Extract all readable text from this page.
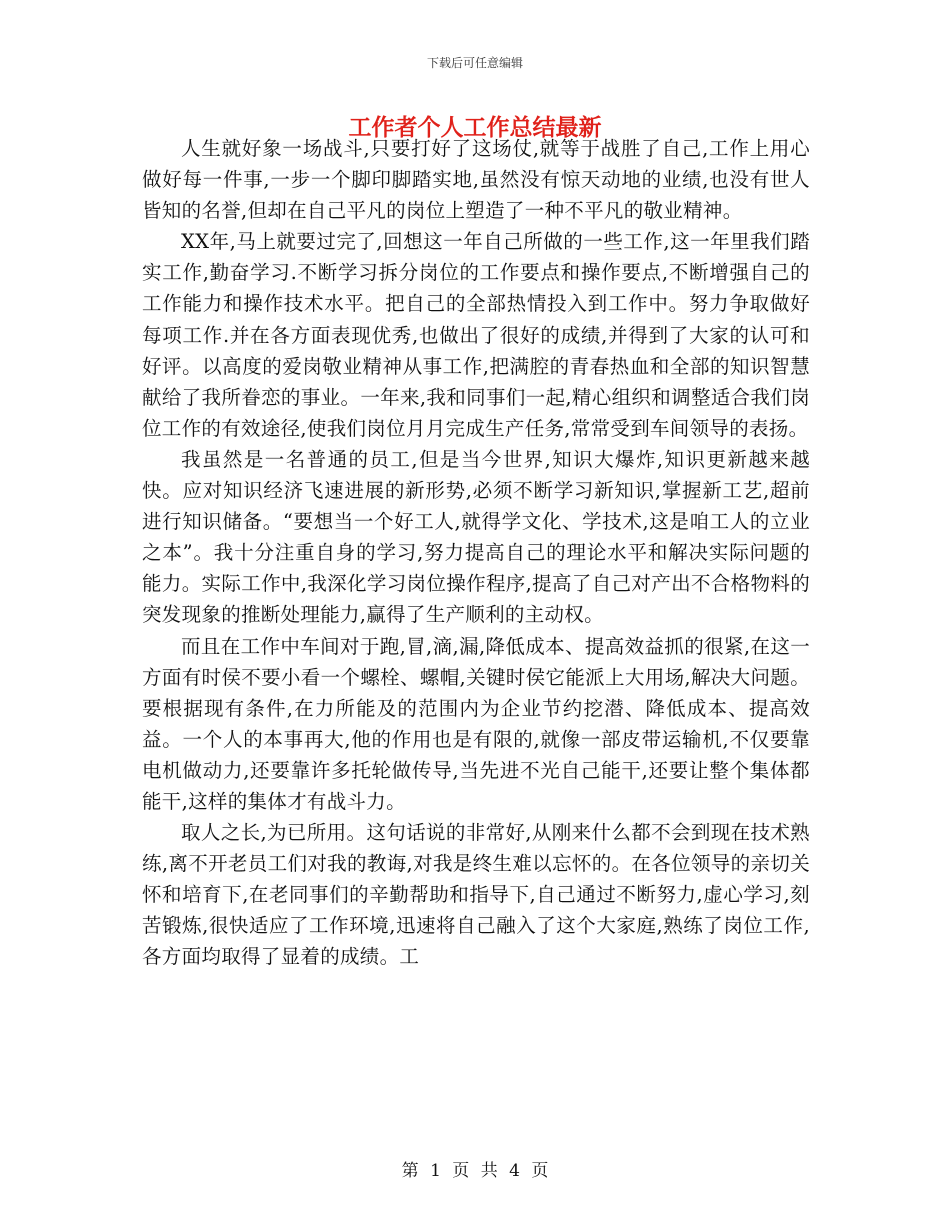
下载后可任意编辑
工作者个人工作总结最新

人生就好象一场战斗,只要打好了这场仗,就等于战胜了自己,工作上用心做好每一件事,一步一个脚印脚踏实地,虽然没有惊天动地的业绩,也没有世人皆知的名誉,但却在自己平凡的岗位上塑造了一种不平凡的敬业精神。

XX年,马上就要过完了,回想这一年自己所做的一些工作,这一年里我们踏实工作,勤奋学习.不断学习拆分岗位的工作要点和操作要点,不断增强自己的工作能力和操作技术水平。把自己的全部热情投入到工作中。努力争取做好每项工作.并在各方面表现优秀,也做出了很好的成绩,并得到了大家的认可和好评。以高度的爱岗敬业精神从事工作,把满腔的青春热血和全部的知识智慧献给了我所眷恋的事业。一年来,我和同事们一起,精心组织和调整适合我们岗位工作的有效途径,使我们岗位月月完成生产任务,常常受到车间领导的表扬。

我虽然是一名普通的员工,但是当今世界,知识大爆炸,知识更新越来越快。应对知识经济飞速进展的新形势,必须不断学习新知识,掌握新工艺,超前进行知识储备。“要想当一个好工人,就得学文化、学技术,这是咱工人的立业之本”。我十分注重自身的学习,努力提高自己的理论水平和解决实际问题的能力。实际工作中,我深化学习岗位操作程序,提高了自己对产出不合格物料的突发现象的推断处理能力,赢得了生产顺利的主动权。

而且在工作中车间对于跑,冒,滴,漏,降低成本、提高效益抓的很紧,在这一方面有时侯不要小看一个螺栓、螺帽,关键时侯它能派上大用场,解决大问题。要根据现有条件,在力所能及的范围内为企业节约挖潜、降低成本、提高效益。一个人的本事再大,他的作用也是有限的,就像一部皮带运输机,不仅要靠电机做动力,还要靠许多托轮做传导,当先进不光自己能干,还要让整个集体都能干,这样的集体才有战斗力。

取人之长,为已所用。这句话说的非常好,从刚来什么都不会到现在技术熟练,离不开老员工们对我的教诲,对我是终生难以忘怀的。在各位领导的亲切关怀和培育下,在老同事们的辛勤帮助和指导下,自己通过不断努力,虚心学习,刻苦锻炼,很快适应了工作环境,迅速将自己融入了这个大家庭,熟练了岗位工作,各方面均取得了显着的成绩。工

第 1 页 共 4 页
